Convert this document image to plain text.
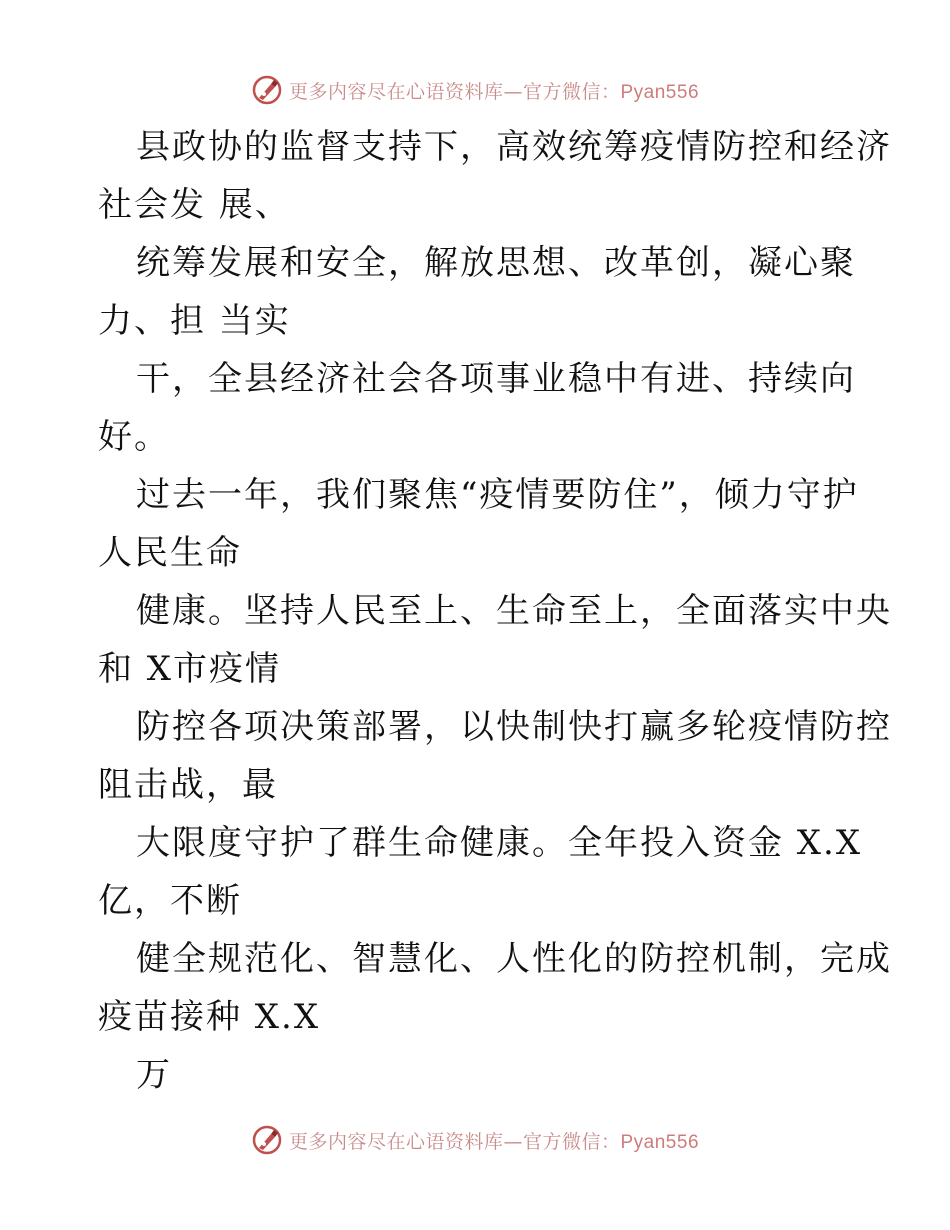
更多内容尽在心语资料库—官方微信：Pyan556
县政协的监督支持下，高效统筹疫情防控和经济
社会发 展、
统筹发展和安全，解放思想、改革创，凝心聚
力、担 当实
干，全县经济社会各项事业稳中有进、持续向
好。
过去一年，我们聚焦“疫情要防住”，倾力守护
人民生命
健康。坚持人民至上、生命至上，全面落实中央
和 X市疫情
防控各项决策部署，以快制快打赢多轮疫情防控
阻击战，最
大限度守护了群生命健康。全年投入资金 X.X
亿，不断
健全规范化、智慧化、人性化的防控机制，完成
疫苗接种 X.X
万
更多内容尽在心语资料库—官方微信：Pyan556
